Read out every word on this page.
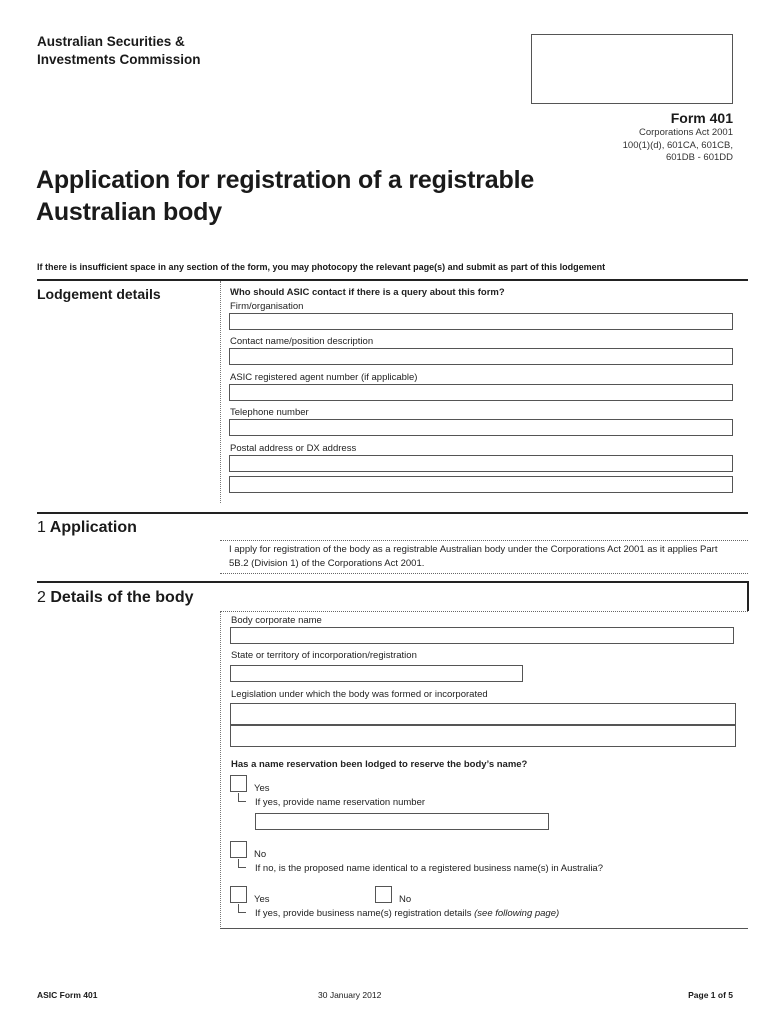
Australian Securities &
Investments Commission
Form 401
Corporations Act 2001
100(1)(d), 601CA, 601CB,
601DB - 601DD
Application for registration of a registrable
Australian body
If there is insufficient space in any section of the form, you may photocopy the relevant page(s) and submit as part of this lodgement
Lodgement details	Who should ASIC contact if there is a query about this form?
Firm/organisation
Contact name/position description
ASIC registered agent number (if applicable)
Telephone number
Postal address or DX address
1 Application
I apply for registration of the body as a registrable Australian body under the Corporations Act 2001 as it applies Part
5B.2 (Division 1) of the Corporations Act 2001.
2 Details of the body
Body corporate name
State or territory of incorporation/registration
Legislation under which the body was formed or incorporated
Has a name reservation been lodged to reserve the body’s name?
Yes
If yes, provide name reservation number
No
If no, is the proposed name identical to a registered business name(s) in Australia?
Yes	No
If yes, provide business name(s) registration details (see following page)
ASIC Form 401	30 January 2012	Page 1 of 5
